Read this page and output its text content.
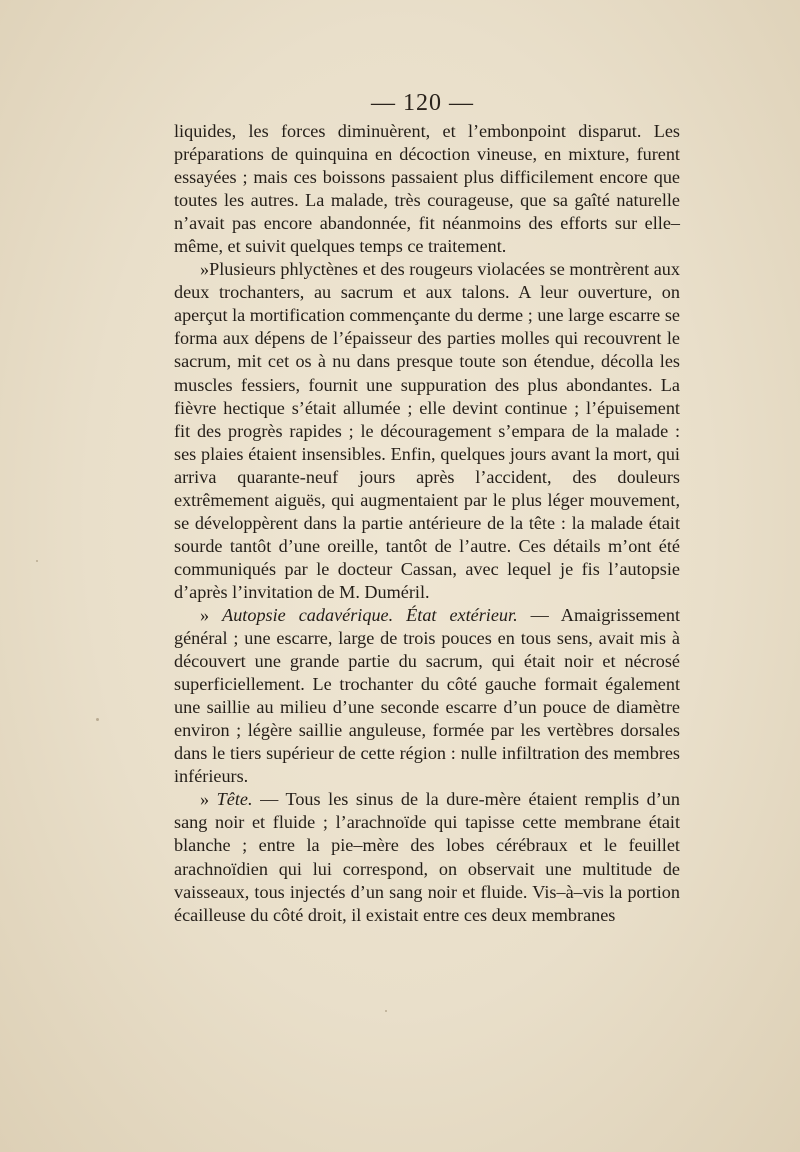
— 120 —

liquides, les forces diminuèrent, et l’embonpoint disparut. Les préparations de quinquina en décoction vineuse, en mixture, furent essayées ; mais ces boissons passaient plus difficilement encore que toutes les autres. La malade, très courageuse, que sa gaîté naturelle n’avait pas encore abandonnée, fit néanmoins des efforts sur elle–même, et suivit quelques temps ce traitement.

»Plusieurs phlyctènes et des rougeurs violacées se montrèrent aux deux trochanters, au sacrum et aux talons. A leur ouverture, on aperçut la mortification commençante du derme ; une large escarre se forma aux dépens de l’épaisseur des parties molles qui recouvrent le sacrum, mit cet os à nu dans presque toute son étendue, décolla les muscles fessiers, fournit une suppuration des plus abondantes. La fièvre hectique s’était allumée ; elle devint continue ; l’épuisement fit des progrès rapides ; le découragement s’empara de la malade : ses plaies étaient insensibles. Enfin, quelques jours avant la mort, qui arriva quarante-neuf jours après l’accident, des douleurs extrêmement aiguës, qui augmentaient par le plus léger mouvement, se développèrent dans la partie antérieure de la tête : la malade était sourde tantôt d’une oreille, tantôt de l’autre. Ces détails m’ont été communiqués par le docteur Cassan, avec lequel je fis l’autopsie d’après l’invitation de M. Duméril.

» Autopsie cadavérique. État extérieur. — Amaigrissement général ; une escarre, large de trois pouces en tous sens, avait mis à découvert une grande partie du sacrum, qui était noir et nécrosé superficiellement. Le trochanter du côté gauche formait également une saillie au milieu d’une seconde escarre d’un pouce de diamètre environ ; légère saillie anguleuse, formée par les vertèbres dorsales dans le tiers supérieur de cette région : nulle infiltration des membres inférieurs.

» Tête. — Tous les sinus de la dure-mère étaient remplis d’un sang noir et fluide ; l’arachnoïde qui tapisse cette membrane était blanche ; entre la pie–mère des lobes cérébraux et le feuillet arachnoïdien qui lui correspond, on observait une multitude de vaisseaux, tous injectés d’un sang noir et fluide. Vis–à–vis la portion écailleuse du côté droit, il existait entre ces deux membranes
